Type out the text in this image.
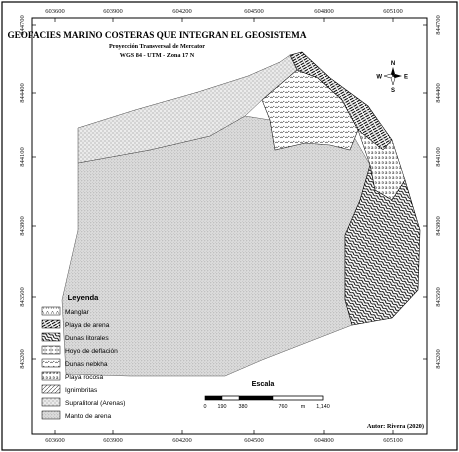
603600	603900	604200	604500	604800	605100
603600	603900	604200	604500	604800	605100
844700
844400
844100
843800
843500
843200
844700
844400
844100
843800
843500
843200
GEOFACIES MARINO COSTERAS QUE INTEGRAN EL GEOSISTEMA
Proyección Transversal de Mercator
WGS 84 - UTM - Zona 17 N
N
S
E
W
Leyenda
Manglar
Playa de arena
Dunas litorales
Hoyo de deflación
Dunas nebkha
Playa rocosa
Ignimbritas
Supralitoral (Arenas)
Manto de arena
Escala
0 190 380	760 m 1,140
Autor: Rivera (2020)
